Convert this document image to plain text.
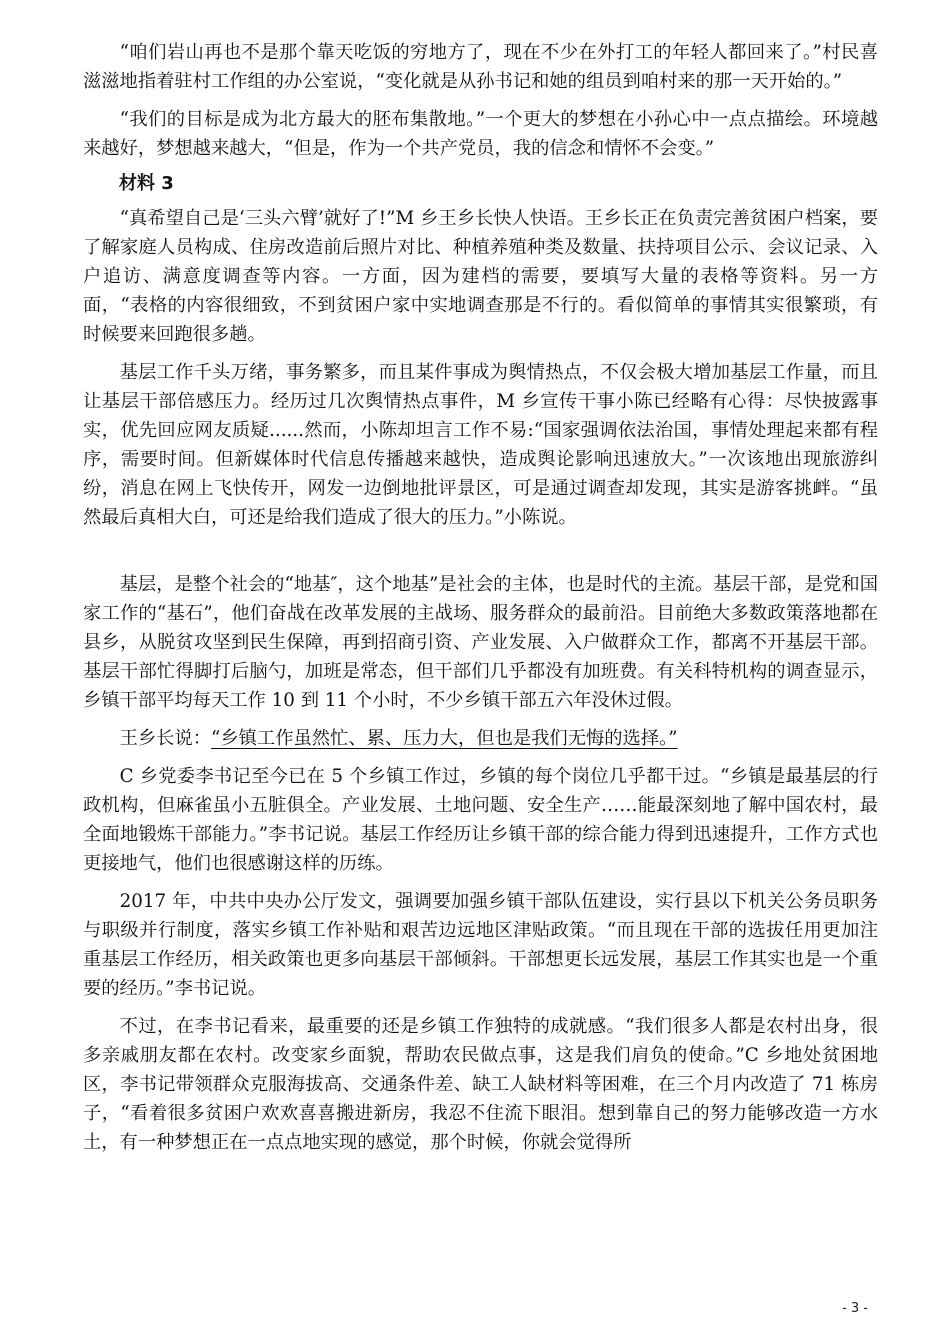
“咱们岩山再也不是那个靠天吃饭的穷地方了，现在不少在外打工的年轻人都回来了。”村民喜滋滋地指着驻村工作组的办公室说，“变化就是从孙书记和她的组员到咱村来的那一天开始的。”

“我们的目标是成为北方最大的胚布集散地。”一个更大的梦想在小孙心中一点点描绘。环境越来越好，梦想越来越大，“但是，作为一个共产党员，我的信念和情怀不会变。”

材料 3

“真希望自己是‘三头六臂’就好了!”M 乡王乡长快人快语。王乡长正在负责完善贫困户档案，要了解家庭人员构成、住房改造前后照片对比、种植养殖种类及数量、扶持项目公示、会议记录、入户追访、满意度调查等内容。一方面，因为建档的需要，要填写大量的表格等资料。另一方面，“表格的内容很细致，不到贫困户家中实地调查那是不行的。看似简单的事情其实很繁琐，有时候要来回跑很多趟。

基层工作千头万绪，事务繁多，而且某件事成为舆情热点，不仅会极大增加基层工作量，而且让基层干部倍感压力。经历过几次舆情热点事件，M 乡宣传干事小陈已经略有心得：尽快披露事实，优先回应网友质疑......然而，小陈却坦言工作不易:“国家强调依法治国，事情处理起来都有程序，需要时间。但新媒体时代信息传播越来越快，造成舆论影响迅速放大。”一次该地出现旅游纠纷，消息在网上飞快传开，网发一边倒地批评景区，可是通过调查却发现，其实是游客挑衅。“虽然最后真相大白，可还是给我们造成了很大的压力。”小陈说。

基层，是整个社会的“地基″，这个地基”是社会的主体，也是时代的主流。基层干部，是党和国家工作的“基石”，他们奋战在改革发展的主战场、服务群众的最前沿。目前绝大多数政策落地都在县乡，从脱贫攻坚到民生保障，再到招商引资、产业发展、入户做群众工作，都离不开基层干部。基层干部忙得脚打后脑勺，加班是常态，但干部们几乎都没有加班费。有关科特机构的调查显示，乡镇干部平均每天工作 10 到 11 个小时，不少乡镇干部五六年没休过假。

王乡长说：“乡镇工作虽然忙、累、压力大，但也是我们无悔的选择。”

C 乡党委李书记至今已在 5 个乡镇工作过，乡镇的每个岗位几乎都干过。“乡镇是最基层的行政机构，但麻雀虽小五脏俱全。产业发展、土地问题、安全生产……能最深刻地了解中国农村，最全面地锻炼干部能力。”李书记说。基层工作经历让乡镇干部的综合能力得到迅速提升，工作方式也更接地气，他们也很感谢这样的历练。

2017 年，中共中央办公厅发文，强调要加强乡镇干部队伍建设，实行县以下机关公务员职务与职级并行制度，落实乡镇工作补贴和艰苦边远地区津贴政策。“而且现在干部的选拔任用更加注重基层工作经历，相关政策也更多向基层干部倾斜。干部想更长远发展，基层工作其实也是一个重要的经历。”李书记说。

不过，在李书记看来，最重要的还是乡镇工作独特的成就感。“我们很多人都是农村出身，很多亲戚朋友都在农村。改变家乡面貌，帮助农民做点事，这是我们肩负的使命。”C 乡地处贫困地区，李书记带领群众克服海拔高、交通条件差、缺工人缺材料等困难，在三个月内改造了 71 栋房子，“看着很多贫困户欢欢喜喜搬进新房，我忍不住流下眼泪。想到靠自己的努力能够改造一方水土，有一种梦想正在一点点地实现的感觉，那个时候，你就会觉得所

- 3 -
